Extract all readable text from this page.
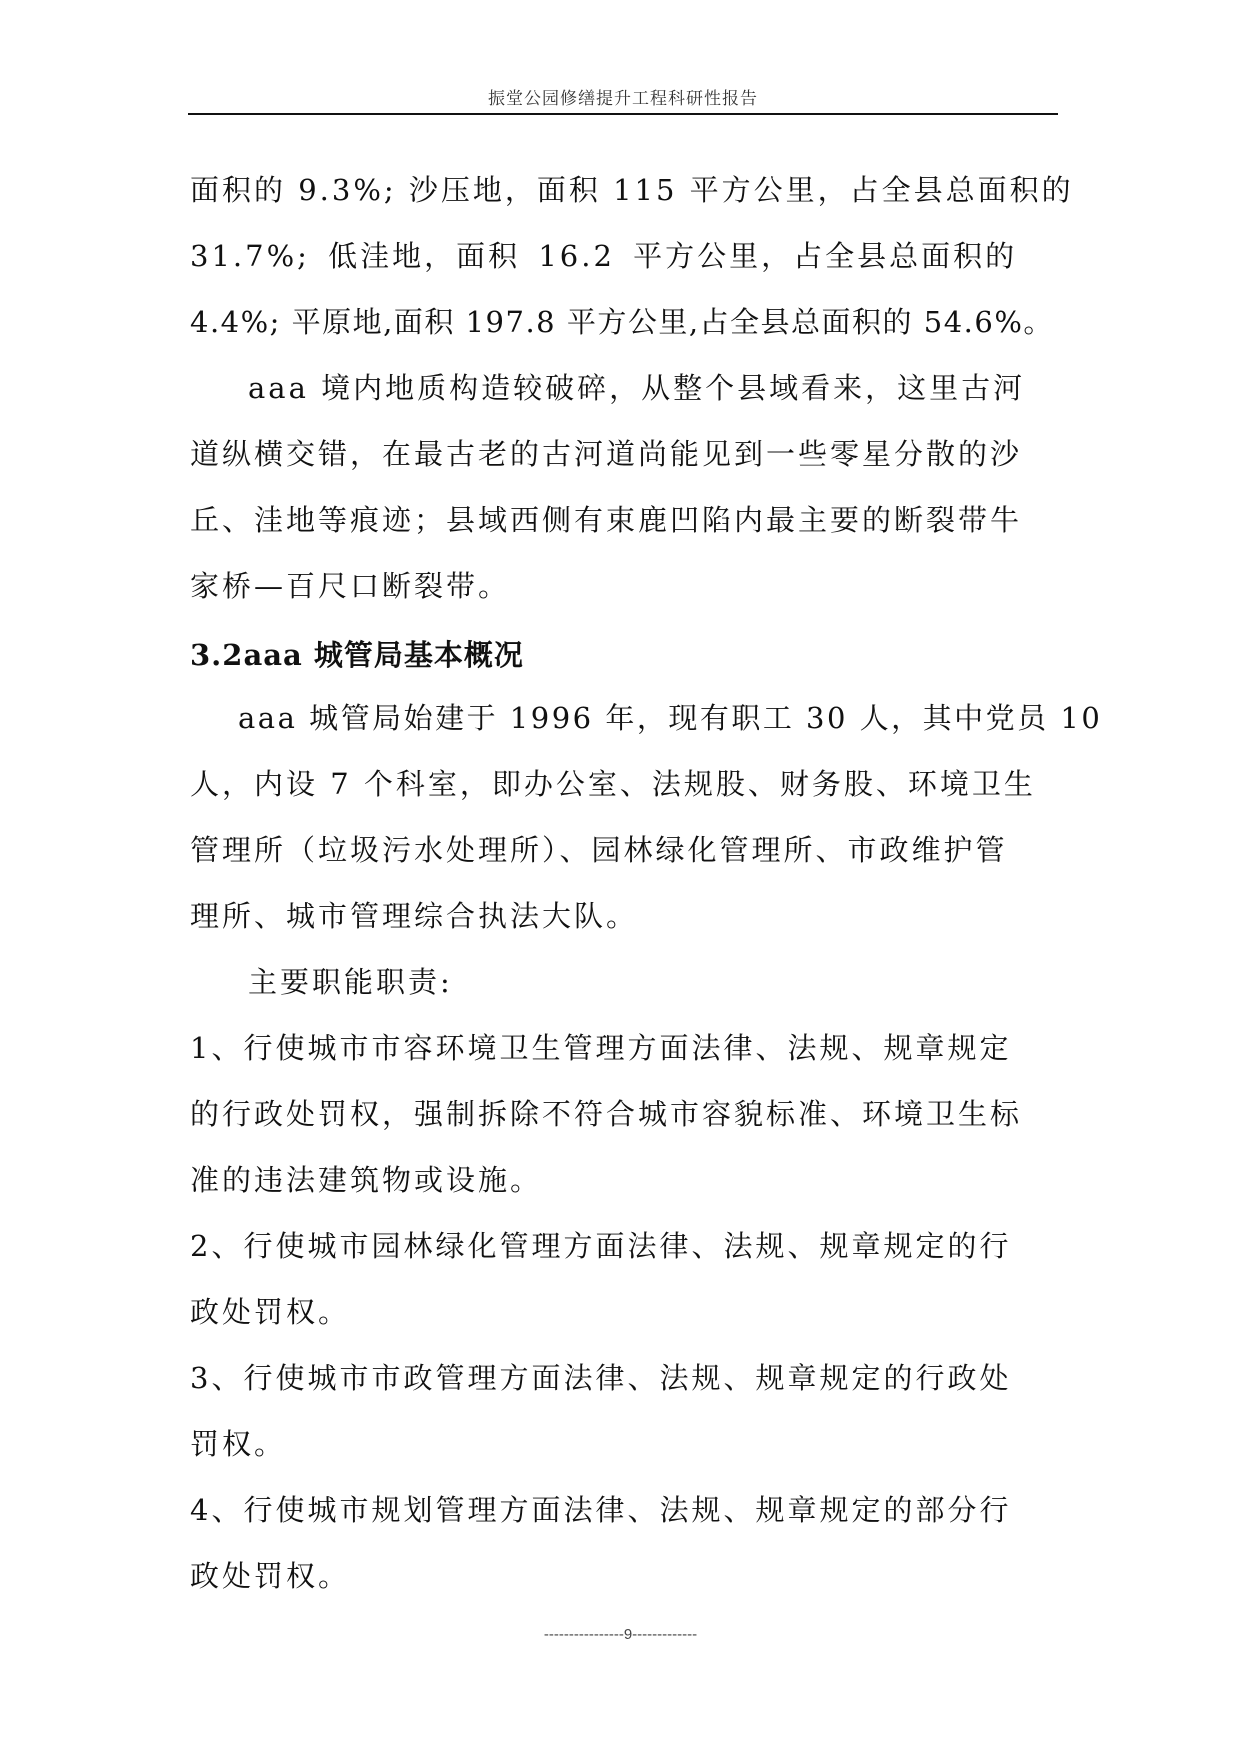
振堂公园修缮提升工程科研性报告

面积的 9.3%; 沙压地，面积 115 平方公里，占全县总面积的
31.7%; 低洼地，面积 16.2 平方公里，占全县总面积的
4.4%; 平原地,面积 197.8 平方公里,占全县总面积的 54.6%。

aaa 境内地质构造较破碎，从整个县域看来，这里古河
道纵横交错，在最古老的古河道尚能见到一些零星分散的沙
丘、洼地等痕迹；县域西侧有束鹿凹陷内最主要的断裂带牛
家桥—百尺口断裂带。

3.2aaa 城管局基本概况

aaa 城管局始建于 1996 年，现有职工 30 人，其中党员 10
人，内设 7 个科室，即办公室、法规股、财务股、环境卫生
管理所（垃圾污水处理所）、园林绿化管理所、市政维护管
理所、城市管理综合执法大队。

主要职能职责:

1、行使城市市容环境卫生管理方面法律、法规、规章规定
的行政处罚权，强制拆除不符合城市容貌标准、环境卫生标
准的违法建筑物或设施。

2、行使城市园林绿化管理方面法律、法规、规章规定的行
政处罚权。

3、行使城市市政管理方面法律、法规、规章规定的行政处
罚权。

4、行使城市规划管理方面法律、法规、规章规定的部分行
政处罚权。

----------------9-------------
